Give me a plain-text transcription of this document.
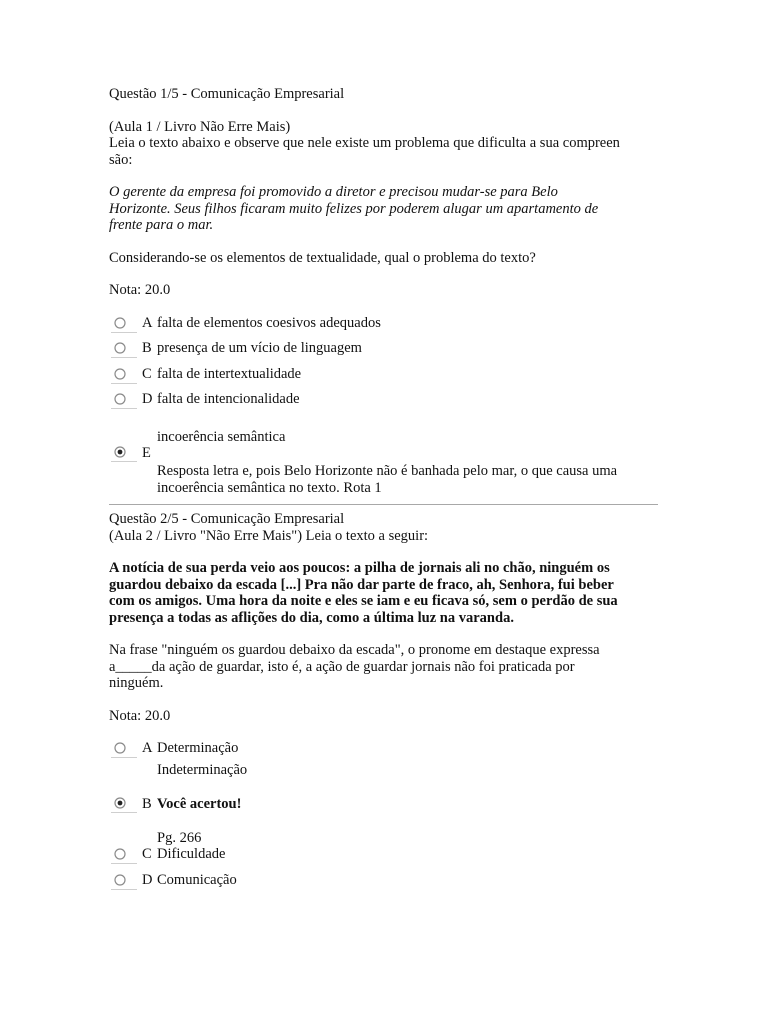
Questão 1/5 - Comunicação Empresarial
(Aula 1 / Livro Não Erre Mais)
Leia o texto abaixo e observe que nele existe um problema que dificulta a sua compreen
são:
O gerente da empresa foi promovido a diretor e precisou mudar-se para Belo
Horizonte. Seus filhos ficaram muito felizes por poderem alugar um apartamento de
frente para o mar.
Considerando-se os elementos de textualidade, qual o problema do texto?
Nota: 20.0
A falta de elementos coesivos adequados
B presença de um vício de linguagem
C falta de intertextualidade
D falta de intencionalidade
incoerência semântica
E
Resposta letra e, pois Belo Horizonte não é banhada pelo mar, o que causa uma
incoerência semântica no texto. Rota 1
Questão 2/5 - Comunicação Empresarial
(Aula 2 / Livro "Não Erre Mais") Leia o texto a seguir:
A notícia de sua perda veio aos poucos: a pilha de jornais ali no chão, ninguém os
guardou debaixo da escada [...] Pra não dar parte de fraco, ah, Senhora, fui beber
com os amigos. Uma hora da noite e eles se iam e eu ficava só, sem o perdão de sua
presença a todas as aflições do dia, como a última luz na varanda.
Na frase "ninguém os guardou debaixo da escada", o pronome em destaque expressa
a_____da ação de guardar, isto é, a ação de guardar jornais não foi praticada por
ninguém.
Nota: 20.0
A Determinação
Indeterminação
B Você acertou!
Pg. 266
C Dificuldade
D Comunicação
